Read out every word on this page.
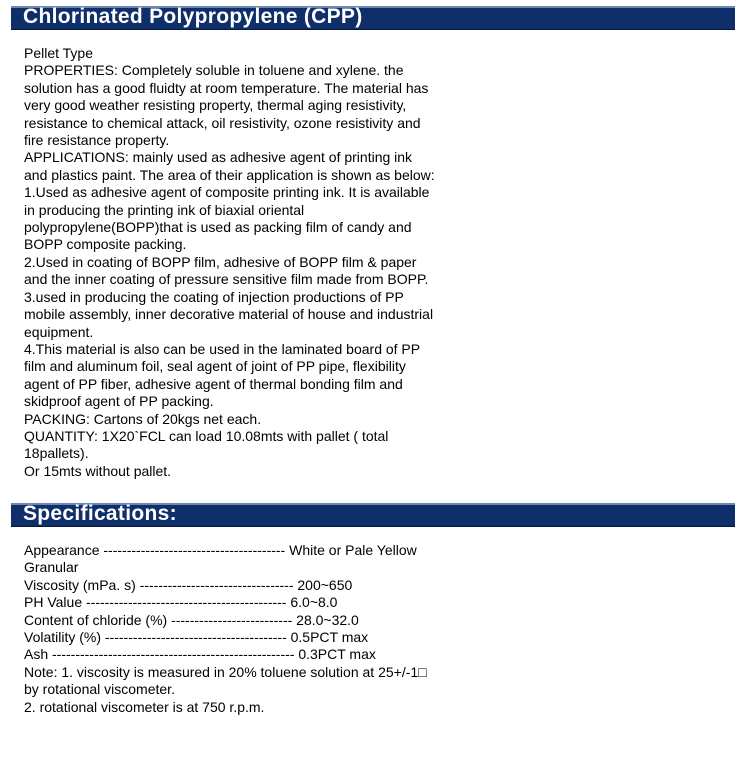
Chlorinated Polypropylene (CPP)
Pellet Type
PROPERTIES: Completely soluble in toluene and xylene. the
solution has a good fluidty at room temperature. The material has
very good weather resisting property, thermal aging resistivity,
resistance to chemical attack, oil resistivity, ozone resistivity and
fire resistance property.
APPLICATIONS: mainly used as adhesive agent of printing ink
and plastics paint. The area of their application is shown as below:
1.Used as adhesive agent of composite printing ink. It is available
in producing the printing ink of biaxial oriental
polypropylene(BOPP)that is used as packing film of candy and
BOPP composite packing.
2.Used in coating of BOPP film, adhesive of BOPP film & paper
and the inner coating of pressure sensitive film made from BOPP.
3.used in producing the coating of injection productions of PP
mobile assembly, inner decorative material of house and industrial
equipment.
4.This material is also can be used in the laminated board of PP
film and aluminum foil, seal agent of joint of PP pipe, flexibility
agent of PP fiber, adhesive agent of thermal bonding film and
skidproof agent of PP packing.
PACKING: Cartons of 20kgs net each.
QUANTITY: 1X20`FCL can load 10.08mts with pallet ( total
18pallets).
Or 15mts without pallet.
Specifications:
Appearance --------------------------------------- White or Pale Yellow
Granular
Viscosity (mPa. s) --------------------------------- 200~650
PH Value ------------------------------------------- 6.0~8.0
Content of chloride (%) -------------------------- 28.0~32.0
Volatility (%) --------------------------------------- 0.5PCT max
Ash ---------------------------------------------------- 0.3PCT max
Note: 1. viscosity is measured in 20% toluene solution at 25+/-1□
by rotational viscometer.
2. rotational viscometer is at 750 r.p.m.
